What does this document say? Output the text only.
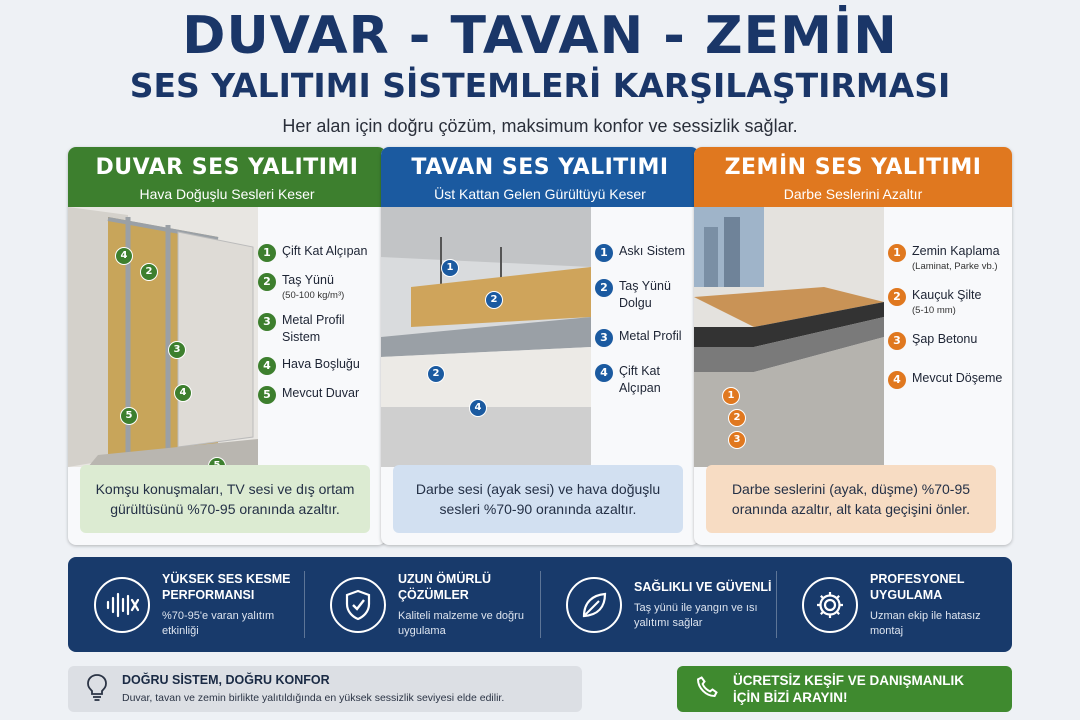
DUVAR - TAVAN - ZEMİN
SES YALITIMI SİSTEMLERİ KARŞILAŞTIRMASI
Her alan için doğru çözüm, maksimum konfor ve sessizlik sağlar.
DUVAR SES YALITIMI
Hava Doğuşlu Sesleri Keser
4
2
3
4
5
1 Çift Kat Alçıpan
2 Taş Yünü
(50-100 kg/m³)
3 Metal Profil Sistem
4 Hava Boşluğu
5 Mevcut Duvar
Komşu konuşmaları, TV sesi ve dış ortam gürültüsünü %70-95 oranında azaltır.
TAVAN SES YALITIMI
Üst Kattan Gelen Gürültüyü Keser
1
2
2
4
1 Askı Sistem
2 Taş Yünü Dolgu
3 Metal Profil
4 Çift Kat Alçıpan
Darbe sesi (ayak sesi) ve hava doğuşlu sesleri %70-90 oranında azaltır.
ZEMİN SES YALITIMI
Darbe Seslerini Azaltır
1
2
3
1 Zemin Kaplama
(Laminat, Parke vb.)
2 Kauçuk Şilte
(5-10 mm)
3 Şap Betonu
4 Mevcut Döşeme
Darbe seslerini (ayak, düşme) %70-95 oranında azaltır, alt kata geçişini önler.
YÜKSEK SES KESME PERFORMANSI
%70-95'e varan yalıtım etkinliği
UZUN ÖMÜRLÜ ÇÖZÜMLER
Kaliteli malzeme ve doğru uygulama
SAĞLIKLI VE GÜVENLİ
Taş yünü ile yangın ve ısı yalıtımı sağlar
PROFESYONEL UYGULAMA
Uzman ekip ile hatasız montaj
DOĞRU SİSTEM, DOĞRU KONFOR
Duvar, tavan ve zemin birlikte yalıtıldığında en yüksek sessizlik seviyesi elde edilir.
ÜCRETSİZ KEŞİF VE DANIŞMANLIK
İÇİN BİZİ ARAYIN!
